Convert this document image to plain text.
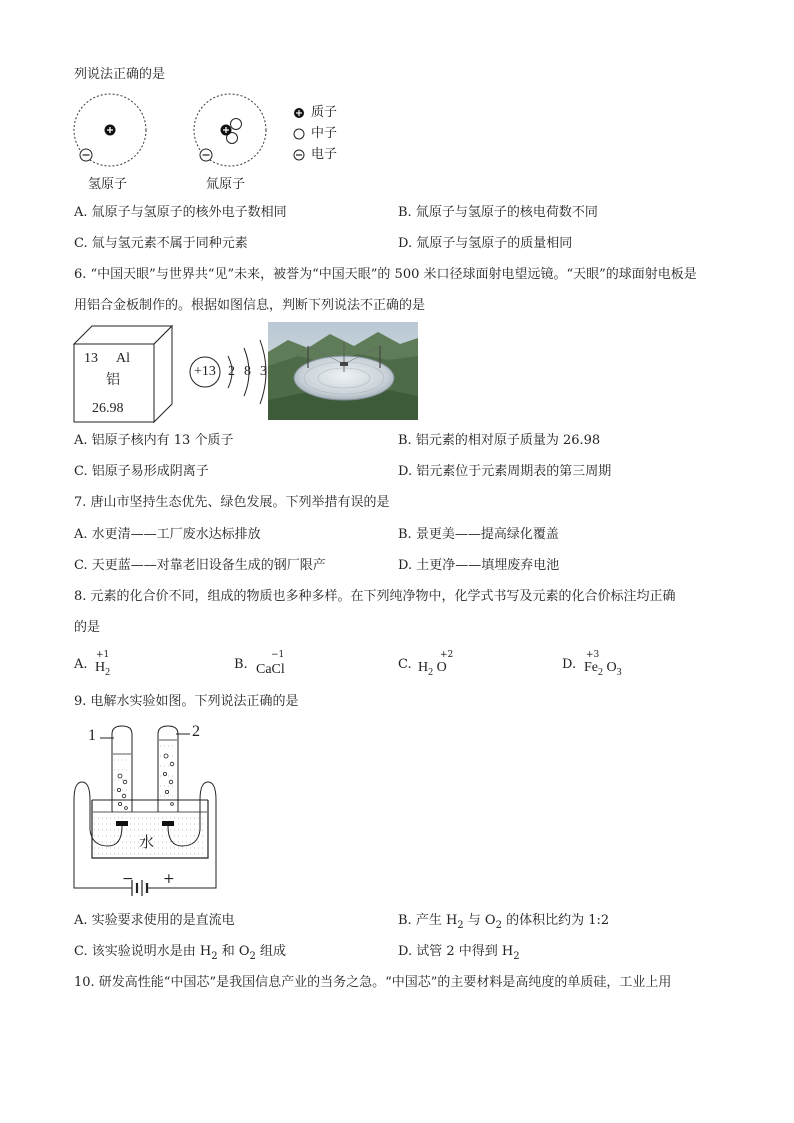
列说法正确的是
质子
中子
电子
氢原子	氚原子
A. 氚原子与氢原子的核外电子数相同	B. 氚原子与氢原子的核电荷数不同
C. 氚与氢元素不属于同种元素	D. 氚原子与氢原子的质量相同
6. “中国天眼”与世界共“见”未来，被誉为“中国天眼”的 500 米口径球面射电望远镜。“天眼”的球面射电板是
用铝合金板制作的。根据如图信息，判断下列说法不正确的是
13 Al
铝
26.98
+13 2 8 3
A. 铝原子核内有 13 个质子	B. 铝元素的相对原子质量为 26.98
C. 铝原子易形成阴离子	D. 铝元素位于元素周期表的第三周期
7. 唐山市坚持生态优先、绿色发展。下列举措有误的是
A. 水更清——工厂废水达标排放	B. 景更美——提高绿化覆盖
C. 天更蓝——对靠老旧设备生成的钢厂限产	D. 土更净——填埋废弃电池
8. 元素的化合价不同，组成的物质也多种多样。在下列纯净物中，化学式书写及元素的化合价标注均正确
的是
A.
+1
$H_2$
B.
−1
CaCl	C.
+2
$H_2$ O	D.
+3
$Fe_2$ $O_3$
9. 电解水实验如图。下列说法正确的是
1	2
水
− +
A. 实验要求使用的是直流电	B. 产生 $H_2$ 与 $O_2$ 的体积比约为 1:2
C. 该实验说明水是由 $H_2$ 和 $O_2$ 组成	D. 试管 2 中得到 $H_2$
10. 研发高性能“中国芯”是我国信息产业的当务之急。“中国芯”的主要材料是高纯度的单质硅，工业上用
